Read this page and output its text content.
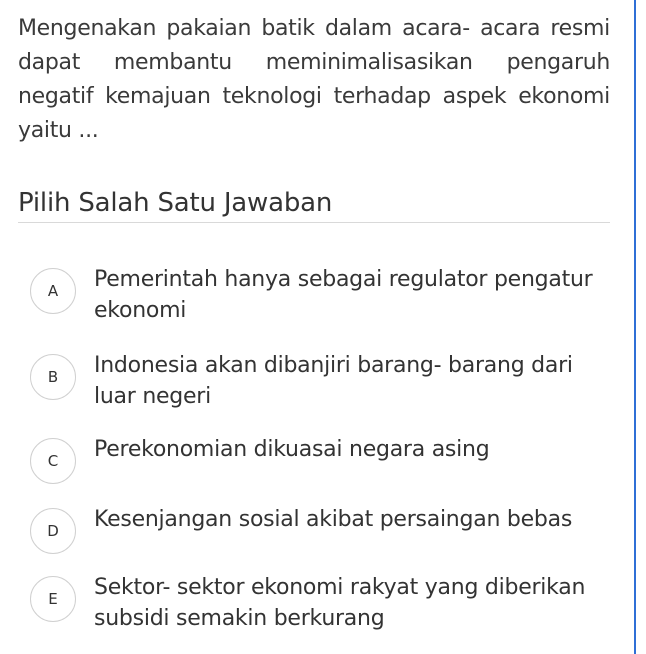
Mengenakan pakaian batik dalam acara- acara resmi dapat membantu meminimalisasikan pengaruh negatif kemajuan teknologi terhadap aspek ekonomi yaitu ...
Pilih Salah Satu Jawaban
A	Pemerintah hanya sebagai regulator pengatur ekonomi
B	Indonesia akan dibanjiri barang- barang dari luar negeri
C	Perekonomian dikuasai negara asing
D	Kesenjangan sosial akibat persaingan bebas
E	Sektor- sektor ekonomi rakyat yang diberikan subsidi semakin berkurang
